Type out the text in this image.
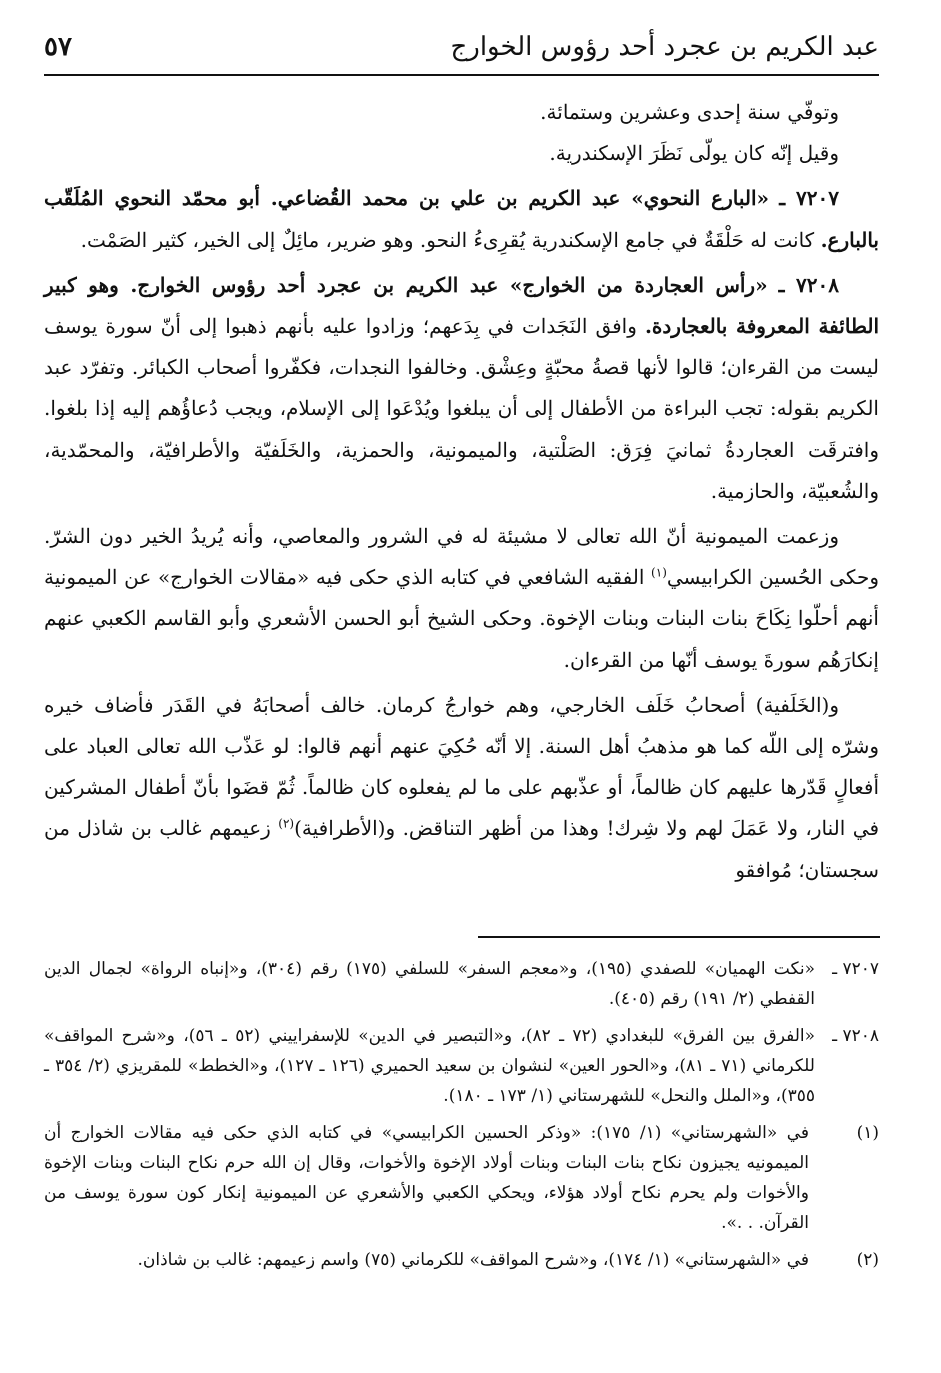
عبد الكريم بن عجرد أحد رؤوس الخوارج
٥٧

وتوفّي سنة إحدى وعشرين وستمائة.

وقيل إنّه كان يولّى نَظَرَ الإسكندرية.

٧٢٠٧ ـ «البارع النحوي» عبد الكريم بن علي بن محمد القُضاعي. أبو محمّد النحوي المُلَقّب بالبارع. كانت له حَلْقَةٌ في جامع الإسكندرية يُقرِىءُ النحو. وهو ضرير، مائِلٌ إلى الخير، كثير الصَمْت.

٧٢٠٨ ـ «رأس العجاردة من الخوارج» عبد الكريم بن عجرد أحد رؤوس الخوارج. وهو كبير الطائفة المعروفة بالعجاردة. وافق النَجَدات في بِدَعهم؛ وزادوا عليه بأنهم ذهبوا إلى أنّ سورة يوسف ليست من القرءان؛ قالوا لأنها قصةُ محبّةٍ وعِشْق. وخالفوا النجدات، فكفّروا أصحاب الكبائر. وتفرّد عبد الكريم بقوله: تجب البراءة من الأطفال إلى أن يبلغوا ويُدْعَوا إلى الإسلام، ويجب دُعاؤُهم إليه إذا بلغوا. وافترقَت العجاردةُ ثمانيَ فِرَق: الصَلْتية، والميمونية، والحمزية، والخَلَفيّة والأطرافيّة، والمحمّدية، والشُعبيّة، والحازمية.

وزعمت الميمونية أنّ الله تعالى لا مشيئة له في الشرور والمعاصي، وأنه يُريدُ الخير دون الشرّ. وحكى الحُسين الكرابيسي$^{(١)}$ الفقيه الشافعي في كتابه الذي حكى فيه «مقالات الخوارج» عن الميمونية أنهم أحلّوا نِكَاحَ بنات البنات وبنات الإخوة. وحكى الشيخ أبو الحسن الأشعري وأبو القاسم الكعبي عنهم إنكارَهُم سورةَ يوسف أنّها من القرءان.

و(الخَلَفية) أصحابُ خَلَف الخارجي، وهم خوارجُ كرمان. خالف أصحابَهُ في القَدَر فأضاف خيره وشرّه إلى اللّه كما هو مذهبُ أهل السنة. إلا أنّه حُكِيَ عنهم أنهم قالوا: لو عَذّب الله تعالى العباد على أفعالٍ قَدّرها عليهم كان ظالماً، أو عذّبهم على ما لم يفعلوه كان ظالماً. ثُمّ قضَوا بأنّ أطفال المشركين في النار، ولا عَمَلَ لهم ولا شِرك! وهذا من أظهر التناقض. و(الأطرافية)$^{(٢)}$ زعيمهم غالب بن شاذل من سجستان؛ مُوافقو

٧٢٠٧ ـ
«نكت الهميان» للصفدي (١٩٥)، و«معجم السفر» للسلفي (١٧٥) رقم (٣٠٤)، و«إنباه الرواة» لجمال الدين القفطي (٢/ ١٩١) رقم (٤٠٥).
٧٢٠٨ ـ
«الفرق بين الفرق» للبغدادي (٧٢ ـ ٨٢)، و«التبصير في الدين» للإسفراييني (٥٢ ـ ٥٦)، و«شرح المواقف» للكرماني (٧١ ـ ٨١)، و«الحور العين» لنشوان بن سعيد الحميري (١٢٦ ـ ١٢٧)، و«الخطط» للمقريزي (٢/ ٣٥٤ ـ ٣٥٥)، و«الملل والنحل» للشهرستاني (١/ ١٧٣ ـ ١٨٠).
(١)
في «الشهرستاني» (١/ ١٧٥): «وذكر الحسين الكرابيسي» في كتابه الذي حكى فيه مقالات الخوارج أن الميمونيه يجيزون نكاح بنات البنات وبنات أولاد الإخوة والأخوات، وقال إن الله حرم نكاح البنات وبنات الإخوة والأخوات ولم يحرم نكاح أولاد هؤلاء، ويحكي الكعبي والأشعري عن الميمونية إنكار كون سورة يوسف من القرآن. . .».
(٢)
في «الشهرستاني» (١/ ١٧٤)، و«شرح المواقف» للكرماني (٧٥) واسم زعيمهم: غالب بن شاذان.
